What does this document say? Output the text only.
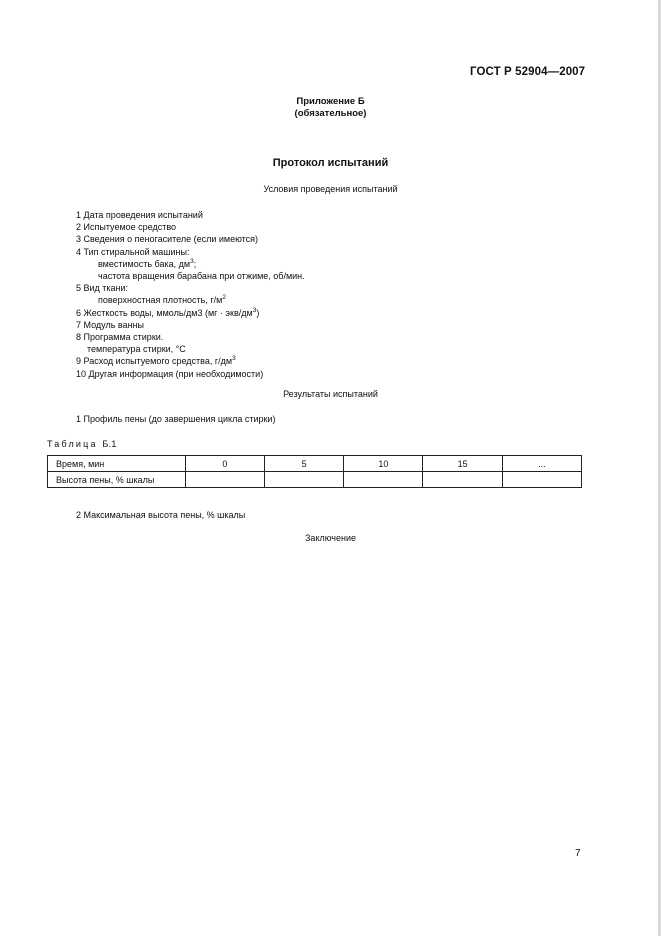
ГОСТ Р 52904—2007
Приложение Б
(обязательное)
Протокол испытаний
Условия проведения испытаний
1 Дата проведения испытаний
2 Испытуемое средство
3 Сведения о пеногасителе (если имеются)
4 Тип стиральной машины:
вместимость бака, $дм^3$;
частота вращения барабана при отжиме, об/мин.
5 Вид ткани:
поверхностная плотность, $г/м^2$
6 Жесткость воды, ммоль/дм3 (мг · экв/$дм^3$)
7 Модуль ванны
8 Программа стирки.
температура стирки, °С
9 Расход испытуемого средства, $г/дм^3$
10 Другая информация (при необходимости)
Результаты испытаний
1 Профиль пены (до завершения цикла стирки)
Таблица Б.1
Время, мин	0	5	10	15	...
Высота пены, % шкалы					
2 Максимальная высота пены, % шкалы
Заключение
7
